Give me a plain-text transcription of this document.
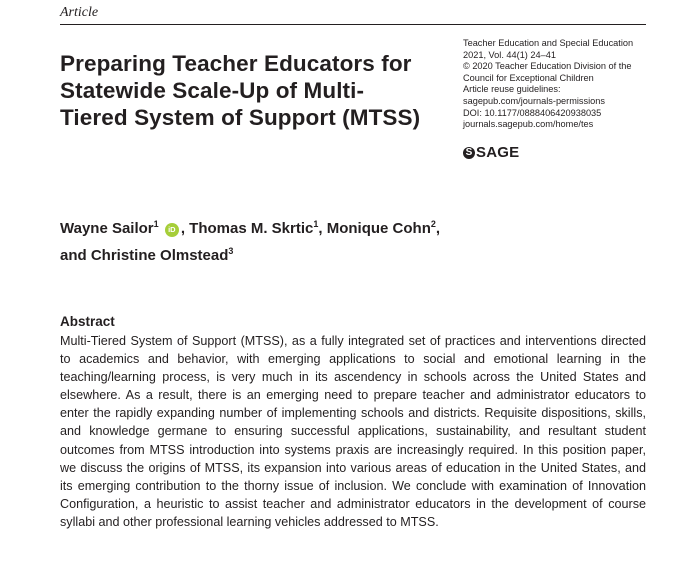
Article
Preparing Teacher Educators for Statewide Scale-Up of Multi-Tiered System of Support (MTSS)
Teacher Education and Special Education
2021, Vol. 44(1) 24–41
© 2020 Teacher Education Division of the
Council for Exceptional Children
Article reuse guidelines:
sagepub.com/journals-permissions
DOI: 10.1177/0888406420938035
journals.sagepub.com/home/tes
S SAGE
Wayne Sailor$^1$ iD , Thomas M. Skrtic$^1$, Monique Cohn$^2$,
and Christine Olmstead$^3$
Abstract

Multi-Tiered System of Support (MTSS), as a fully integrated set of practices and interventions directed to academics and behavior, with emerging applications to social and emotional learning in the teaching/learning process, is very much in its ascendency in schools across the United States and elsewhere. As a result, there is an emerging need to prepare teacher and administrator educators to enter the rapidly expanding number of implementing schools and districts. Requisite dispositions, skills, and knowledge germane to ensuring successful applications, sustainability, and resultant student outcomes from MTSS introduction into systems praxis are increasingly required. In this position paper, we discuss the origins of MTSS, its expansion into various areas of education in the United States, and its emerging contribution to the thorny issue of inclusion. We conclude with examination of Innovation Configuration, a heuristic to assist teacher and administrator educators in the development of course syllabi and other professional learning vehicles addressed to MTSS.
